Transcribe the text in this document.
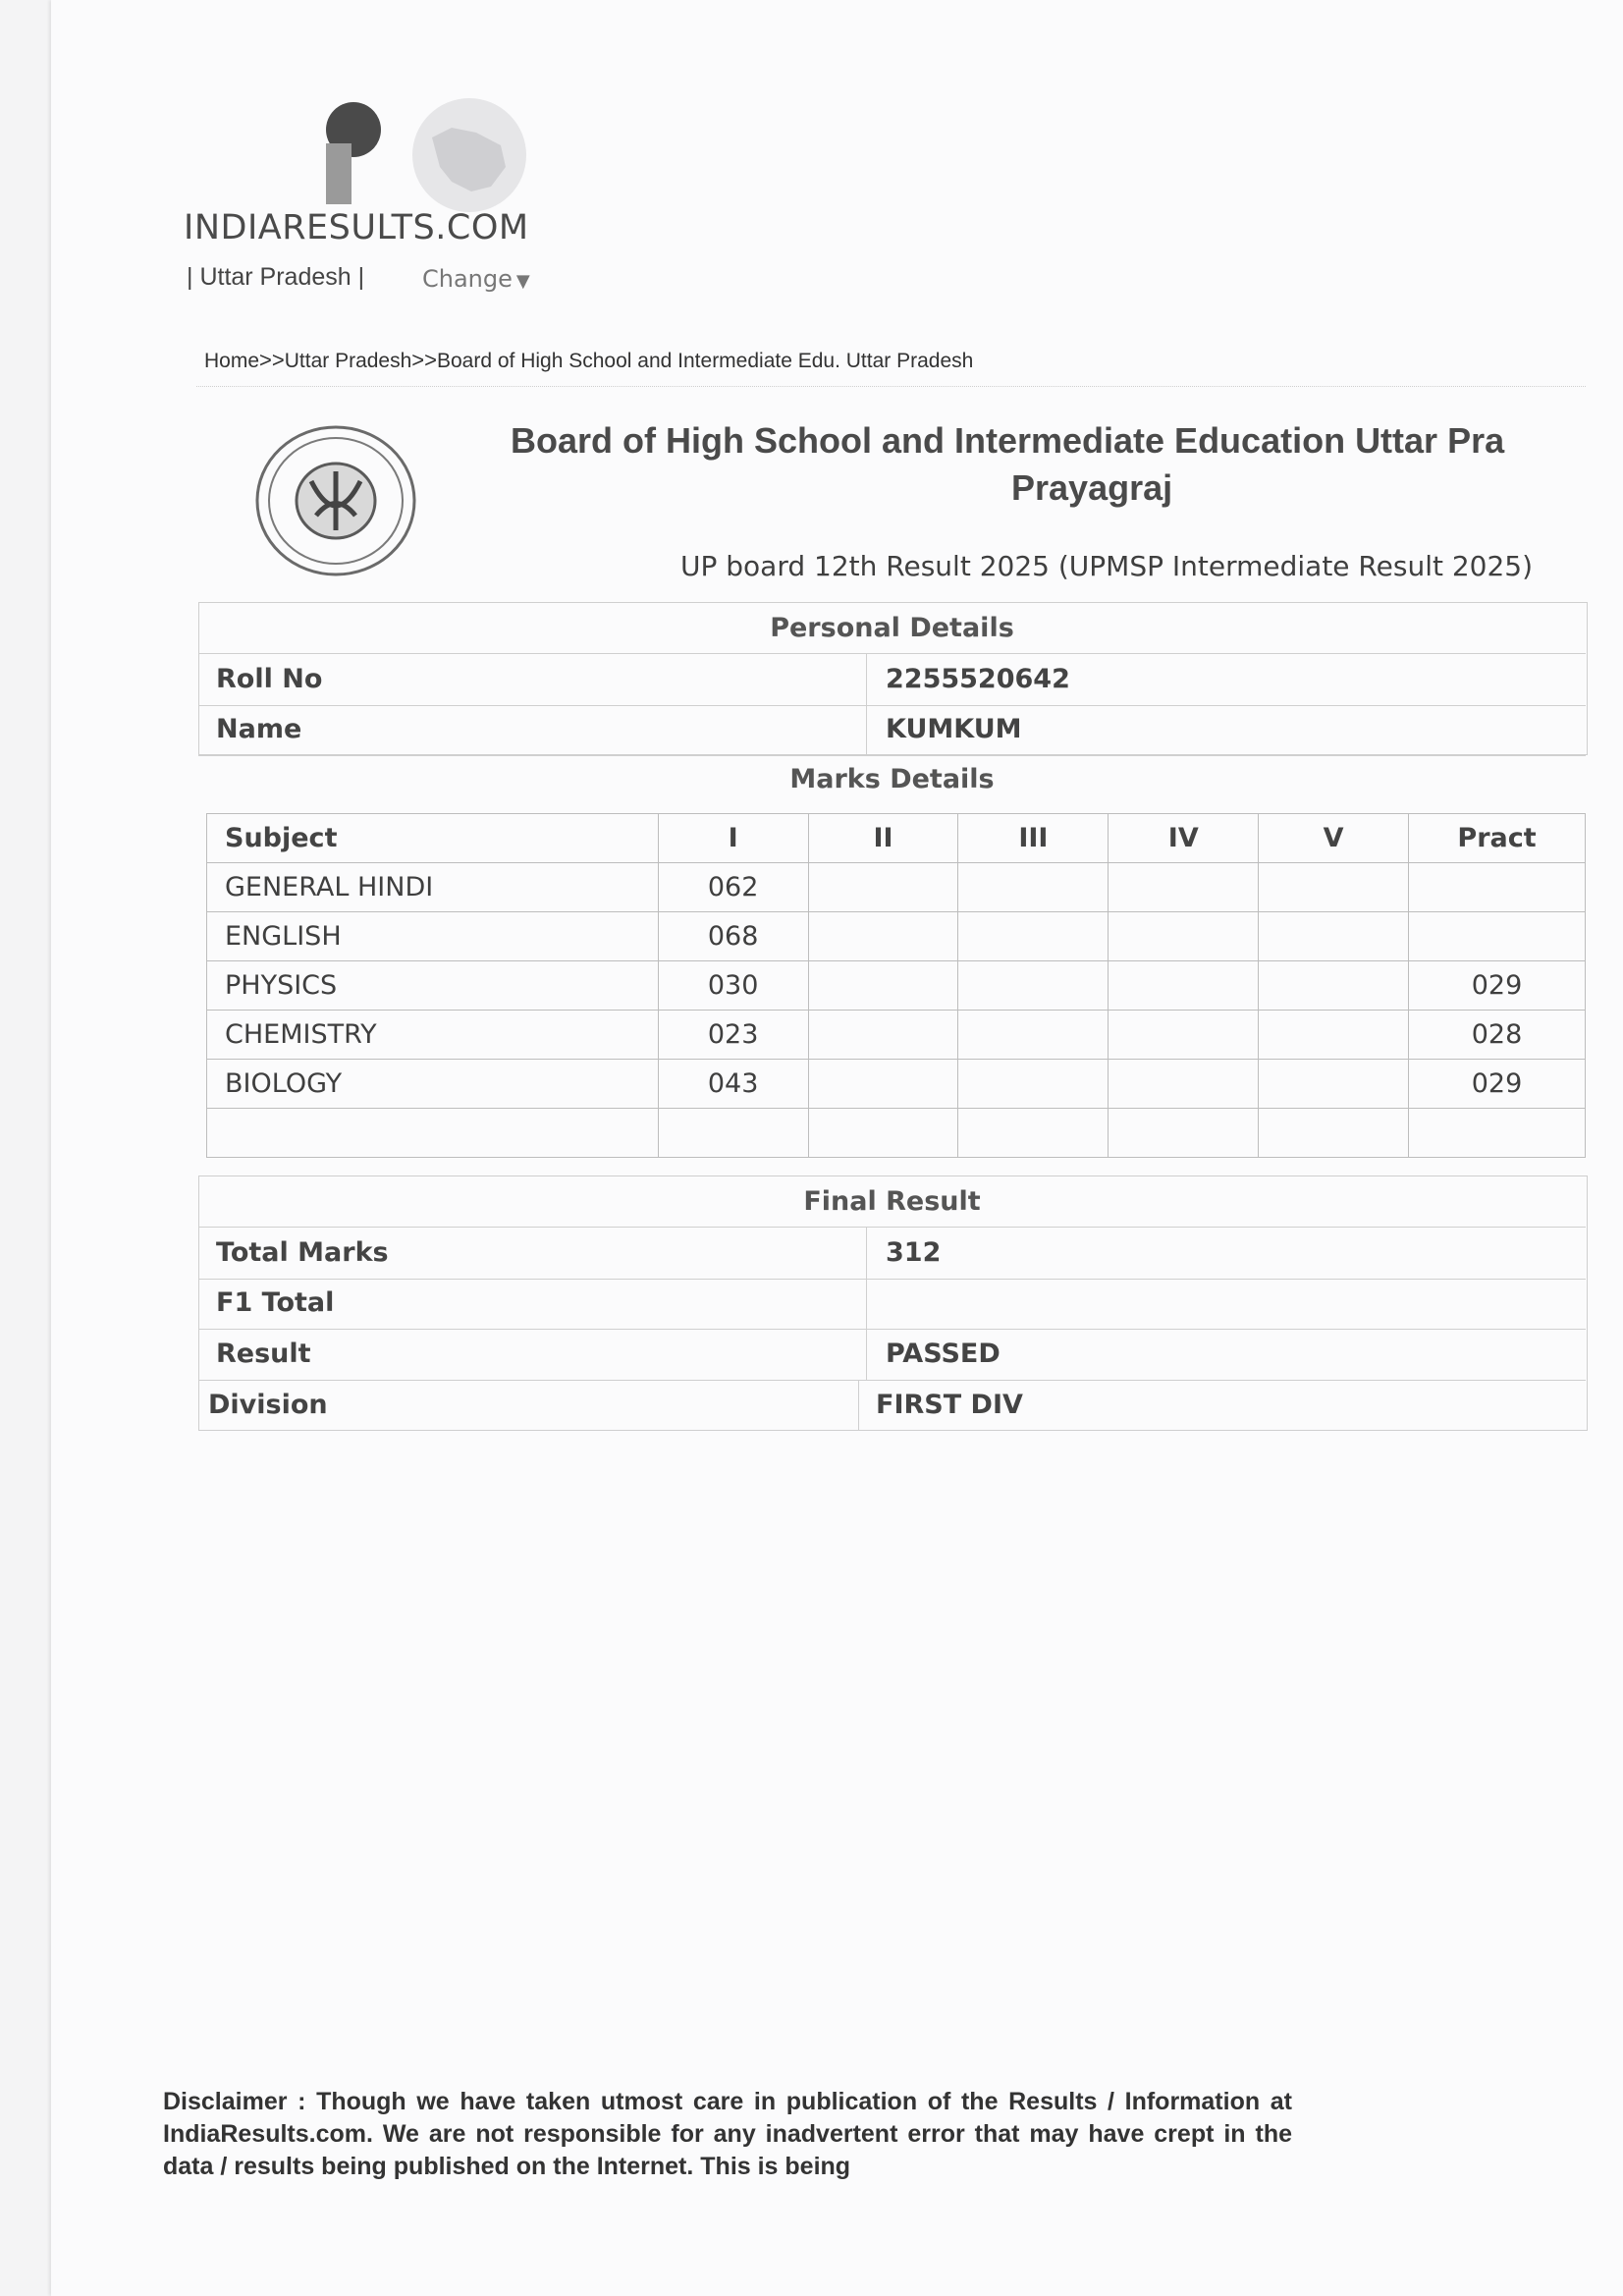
INDIARESULTS.COM
| Uttar Pradesh | Change ▼
Home>>Uttar Pradesh>>Board of High School and Intermediate Edu. Uttar Pradesh
Board of High School and Intermediate Education Uttar Pra
Prayagraj
UP board 12th Result 2025 (UPMSP Intermediate Result 2025)
Personal Details
Roll No	2255520642
Name	KUMKUM
Marks Details
Subject	I	II	III	IV	V	Pract
GENERAL HINDI	062					
ENGLISH	068					
PHYSICS	030					029
CHEMISTRY	023					028
BIOLOGY	043					029

Final Result
Total Marks	312
F1 Total
Result	PASSED
Division	FIRST DIV
Disclaimer : Though we have taken utmost care in publication of the Results / Information at IndiaResults.com. We are not responsible for any inadvertent error that may have crept in the data / results being published on the Internet. This is being
